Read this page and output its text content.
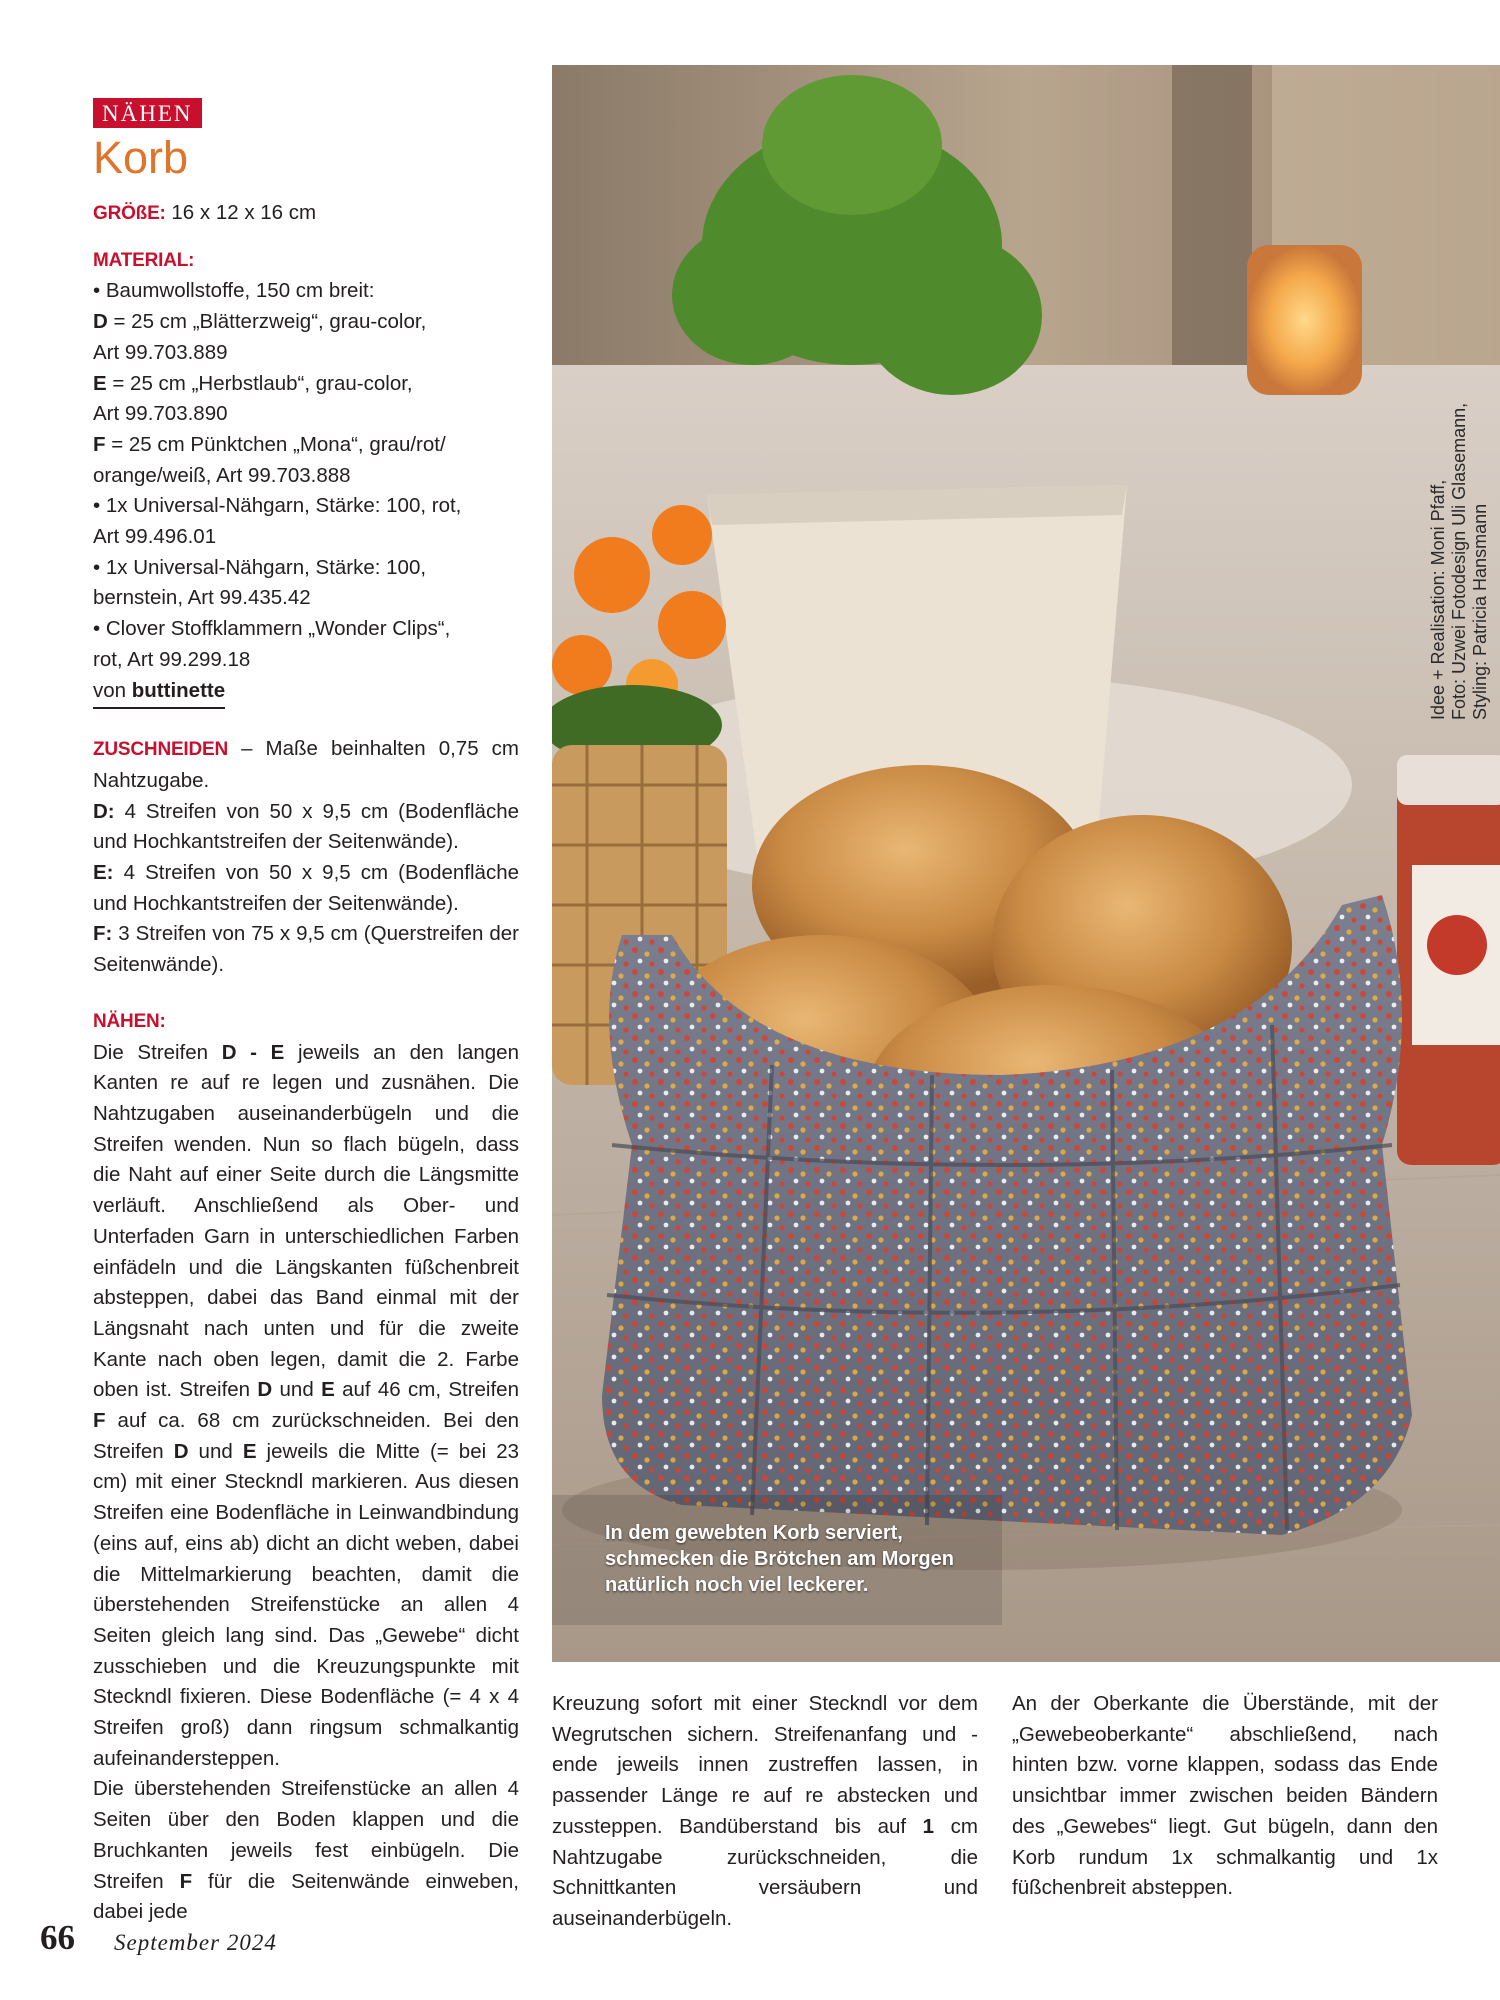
NÄHEN
Korb

GRÖßE: 16 x 12 x 16 cm

MATERIAL:

• Baumwollstoffe, 150 cm breit:

D = 25 cm „Blätterzweig“, grau-color,

Art 99.703.889

E = 25 cm „Herbstlaub“, grau-color,

Art 99.703.890

F = 25 cm Pünktchen „Mona“, grau/rot/

orange/weiß, Art 99.703.888

• 1x Universal-Nähgarn, Stärke: 100, rot,

Art 99.496.01

• 1x Universal-Nähgarn, Stärke: 100,

bernstein, Art 99.435.42

• Clover Stoffklammern „Wonder Clips“,

rot, Art 99.299.18

von buttinette

ZUSCHNEIDEN – Maße beinhalten 0,75 cm Nahtzugabe.

D: 4 Streifen von 50 x 9,5 cm (Bodenfläche und Hochkantstreifen der Seitenwände).

E: 4 Streifen von 50 x 9,5 cm (Bodenfläche und Hochkantstreifen der Seitenwände).

F: 3 Streifen von 75 x 9,5 cm (Querstreifen der Seitenwände).

NÄHEN:

Die Streifen D - E jeweils an den langen Kanten re auf re legen und zusnähen. Die Nahtzugaben auseinanderbügeln und die Streifen wenden. Nun so flach bügeln, dass die Naht auf einer Seite durch die Längsmitte verläuft. Anschließend als Ober- und Unterfaden Garn in unterschiedlichen Farben einfädeln und die Längskanten füßchenbreit absteppen, dabei das Band einmal mit der Längsnaht nach unten und für die zweite Kante nach oben legen, damit die 2. Farbe oben ist. Streifen D und E auf 46 cm, Streifen F auf ca. 68 cm zurückschneiden. Bei den Streifen D und E jeweils die Mitte (= bei 23 cm) mit einer Steckndl markieren. Aus diesen Streifen eine Bodenfläche in Leinwandbindung (eins auf, eins ab) dicht an dicht weben, dabei die Mittelmarkierung beachten, damit die überstehenden Streifenstücke an allen 4 Seiten gleich lang sind. Das „Gewebe“ dicht zusschieben und die Kreuzungspunkte mit Steckndl fixieren. Diese Bodenfläche (= 4 x 4 Streifen groß) dann ringsum schmalkantig aufeinandersteppen.

Die überstehenden Streifenstücke an allen 4 Seiten über den Boden klappen und die Bruchkanten jeweils fest einbügeln. Die Streifen F für die Seitenwände einweben, dabei jede

Idee + Realisation: Moni Pfaff, Foto: Uzwei Fotodesign Uli Glasemann, Styling: Patricia Hansmann
In dem gewebten Korb serviert,
schmecken die Brötchen am Morgen
natürlich noch viel leckerer.

Kreuzung sofort mit einer Steckndl vor dem Wegrutschen sichern. Streifenanfang und -ende jeweils innen zustreffen lassen, in passender Länge re auf re abstecken und zussteppen. Bandüberstand bis auf 1 cm Nahtzugabe zurückschneiden, die Schnittkanten versäubern und auseinanderbügeln.

An der Oberkante die Überstände, mit der „Gewebeoberkante“ abschließend, nach hinten bzw. vorne klappen, sodass das Ende unsichtbar immer zwischen beiden Bändern des „Gewebes“ liegt. Gut bügeln, dann den Korb rundum 1x schmalkantig und 1x füßchenbreit absteppen.

66 September 2024
